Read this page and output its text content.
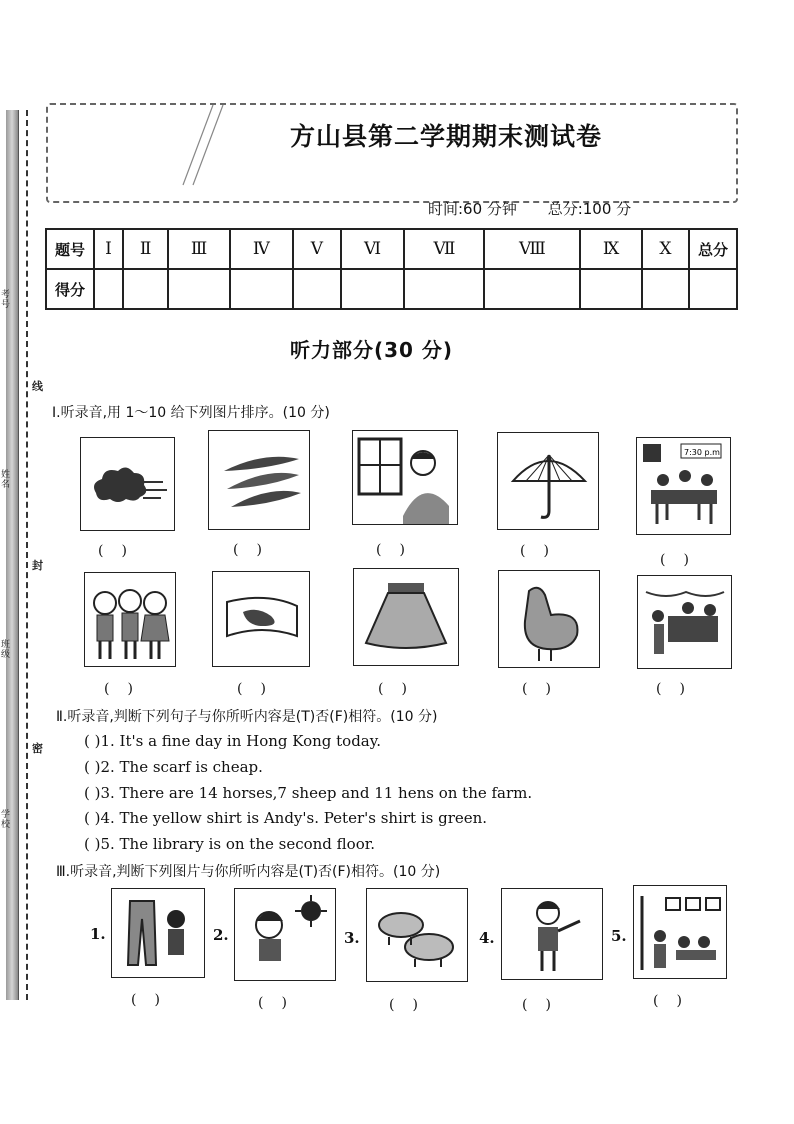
学校
班级
姓名
考号
线
封
密
方山县第二学期期末测试卷
时间:60 分钟 总分:100 分
题号	Ⅰ	Ⅱ	Ⅲ	Ⅳ	Ⅴ	Ⅵ	Ⅶ	Ⅷ	Ⅸ	Ⅹ	总分
得分											
听力部分(30 分)
Ⅰ.听录音,用 1～10 给下列图片排序。(10 分)
()	()	()	()
7:30 p.m
()
()	()	()	()	()
Ⅱ.听录音,判断下列句子与你所听内容是(T)否(F)相符。(10 分)
( )1. It's a fine day in Hong Kong today.
( )2. The scarf is cheap.
( )3. There are 14 horses,7 sheep and 11 hens on the farm.
( )4. The yellow shirt is Andy's. Peter's shirt is green.
( )5. The library is on the second floor.
Ⅲ.听录音,判断下列图片与你所听内容是(T)否(F)相符。(10 分)
1.
()
2.
()
3.
()
4.
()
5.
()
